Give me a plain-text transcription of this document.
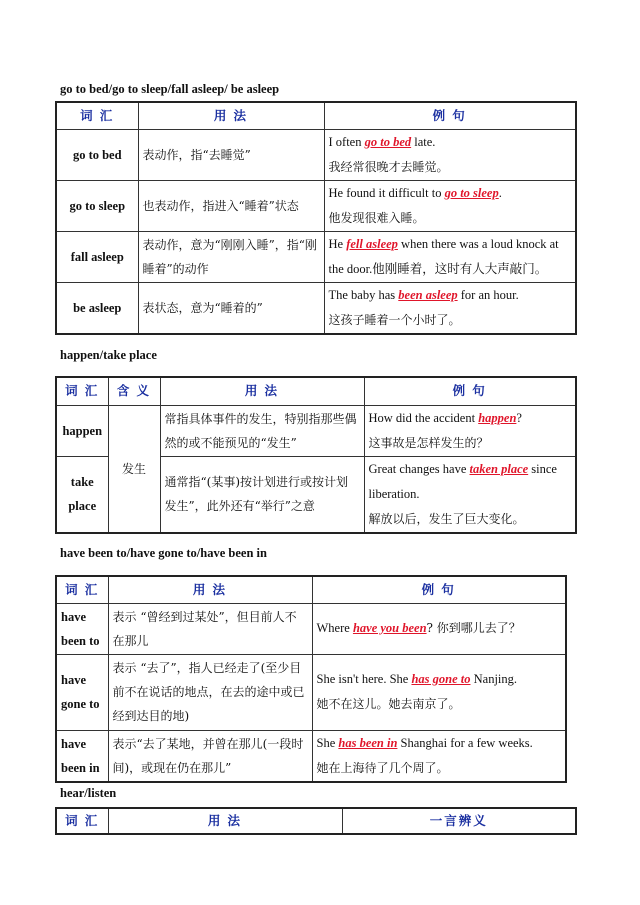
go to bed/go to sleep/fall asleep/ be asleep
词 汇	用 法	例 句
go to bed	表动作，指“去睡觉”	I often go to bed late.
我经常很晚才去睡觉。
go to sleep	也表动作，指进入“睡着”状态	He found it difficult to go to sleep.
他发现很难入睡。
fall asleep	表动作，意为“刚刚入睡”，指“刚睡着”的动作	He fell asleep when there was a loud knock at the door.他刚睡着，这时有人大声敲门。
be asleep	表状态，意为“睡着的”	The baby has been asleep for an hour.
这孩子睡着一个小时了。
happen/take place
词 汇	含 义	用 法	例 句
happen	发生	常指具体事件的发生，特别指那些偶然的或不能预见的“发生”	How did the accident happen?
这事故是怎样发生的？
take place		通常指“(某事)按计划进行或按计划发生”，此外还有“举行”之意	Great changes have taken place since liberation.
解放以后，发生了巨大变化。
have been to/have gone to/have been in
词 汇	用 法	例 句
have been to	表示 “曾经到过某处”，但目前人不在那儿	Where have you been? 你到哪儿去了？
have gone to	表示 “去了”，指人已经走了(至少目前不在说话的地点，在去的途中或已经到达目的地)	She isn't here. She has gone to Nanjing.
她不在这儿。她去南京了。
have been in	表示“去了某地，并曾在那儿(一段时间)，或现在仍在那儿”	She has been in Shanghai for a few weeks.
她在上海待了几个周了。
hear/listen
词 汇	用 法	一言辨义
